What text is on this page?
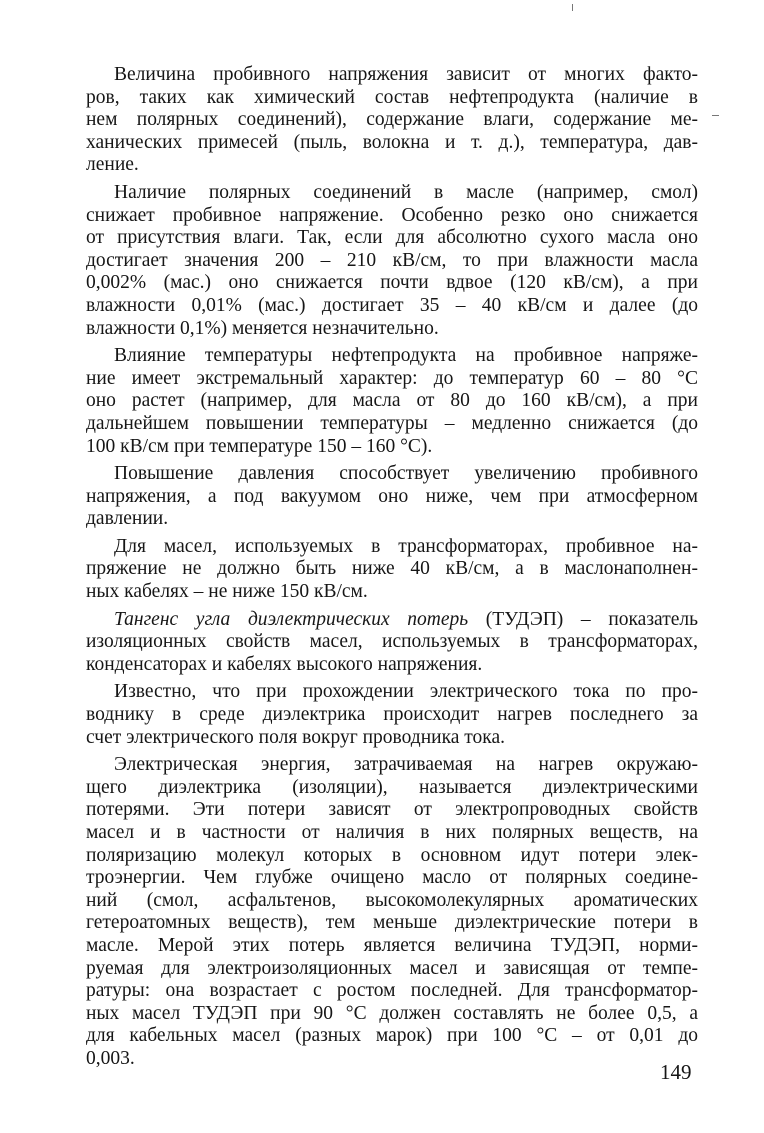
Величина пробивного напряжения зависит от многих факто-
ров, таких как химический состав нефтепродукта (наличие в
нем полярных соединений), содержание влаги, содержание ме-
ханических примесей (пыль, волокна и т. д.), температура, дав-
ление.

Наличие полярных соединений в масле (например, смол)
снижает пробивное напряжение. Особенно резко оно снижается
от присутствия влаги. Так, если для абсолютно сухого масла оно
достигает значения 200 – 210 кВ/см, то при влажности масла
0,002% (мас.) оно снижается почти вдвое (120 кВ/см), а при
влажности 0,01% (мас.) достигает 35 – 40 кВ/см и далее (до
влажности 0,1%) меняется незначительно.

Влияние температуры нефтепродукта на пробивное напряже-
ние имеет экстремальный характер: до температур 60 – 80 °С
оно растет (например, для масла от 80 до 160 кВ/см), а при
дальнейшем повышении температуры – медленно снижается (до
100 кВ/см при температуре 150 – 160 °С).

Повышение давления способствует увеличению пробивного
напряжения, а под вакуумом оно ниже, чем при атмосферном
давлении.

Для масел, используемых в трансформаторах, пробивное на-
пряжение не должно быть ниже 40 кВ/см, а в маслонаполнен-
ных кабелях – не ниже 150 кВ/см.

Тангенс угла диэлектрических потерь (ТУДЭП) – показатель
изоляционных свойств масел, используемых в трансформаторах,
конденсаторах и кабелях высокого напряжения.

Известно, что при прохождении электрического тока по про-
воднику в среде диэлектрика происходит нагрев последнего за
счет электрического поля вокруг проводника тока.

Электрическая энергия, затрачиваемая на нагрев окружаю-
щего диэлектрика (изоляции), называется диэлектрическими
потерями. Эти потери зависят от электропроводных свойств
масел и в частности от наличия в них полярных веществ, на
поляризацию молекул которых в основном идут потери элек-
троэнергии. Чем глубже очищено масло от полярных соедине-
ний (смол, асфальтенов, высокомолекулярных ароматических
гетероатомных веществ), тем меньше диэлектрические потери в
масле. Мерой этих потерь является величина ТУДЭП, норми-
руемая для электроизоляционных масел и зависящая от темпе-
ратуры: она возрастает с ростом последней. Для трансформатор-
ных масел ТУДЭП при 90 °С должен составлять не более 0,5, а
для кабельных масел (разных марок) при 100 °С – от 0,01 до
0,003.

149
